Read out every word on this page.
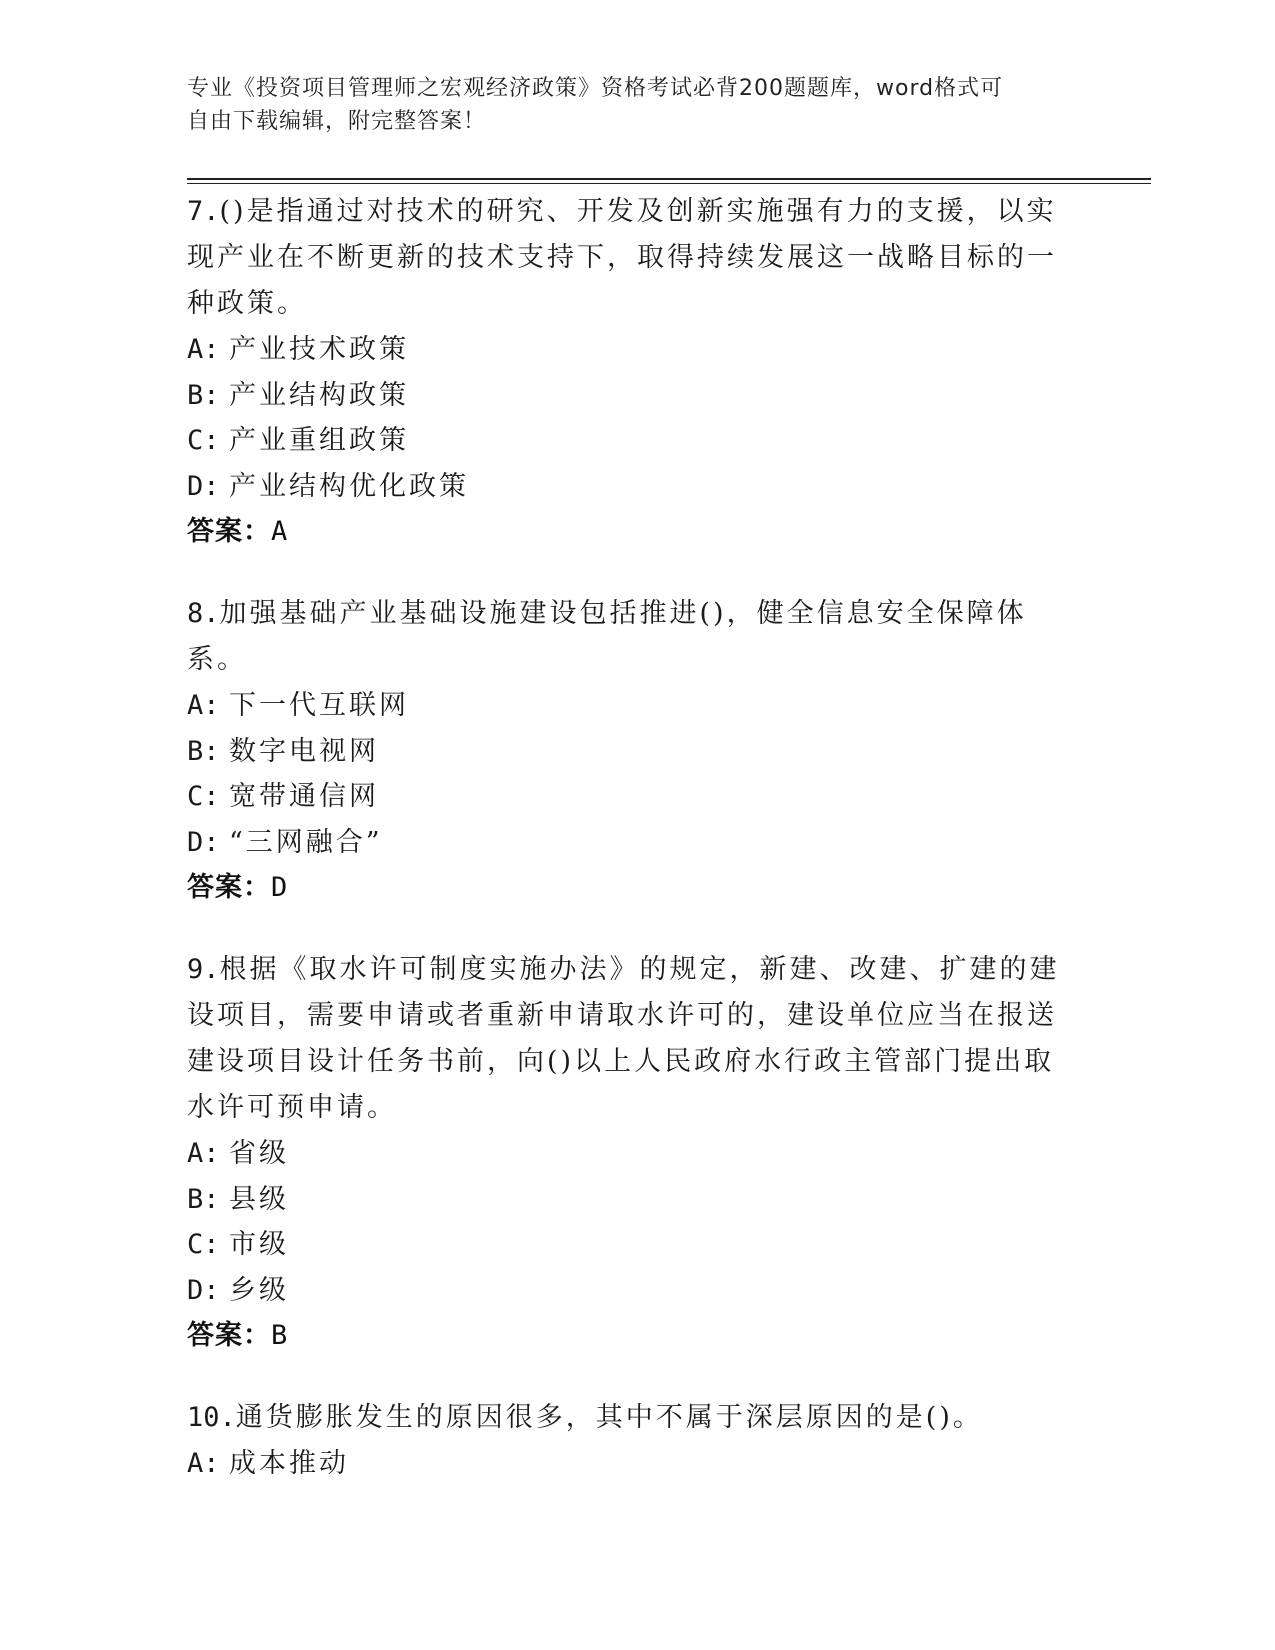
专业《投资项目管理师之宏观经济政策》资格考试必背200题题库，word格式可
自由下载编辑，附完整答案！

7.()是指通过对技术的研究、开发及创新实施强有力的支援，以实现产业在不断更新的技术支持下，取得持续发展这一战略目标的一种政策。

A: 产业技术政策
B: 产业结构政策
C: 产业重组政策
D: 产业结构优化政策
答案：A

8.加强基础产业基础设施建设包括推进()，健全信息安全保障体系。

A: 下一代互联网
B: 数字电视网
C: 宽带通信网
D: “三网融合”
答案：D

9.根据《取水许可制度实施办法》的规定，新建、改建、扩建的建设项目，需要申请或者重新申请取水许可的，建设单位应当在报送建设项目设计任务书前，向()以上人民政府水行政主管部门提出取水许可预申请。

A: 省级
B: 县级
C: 市级
D: 乡级
答案：B

10.通货膨胀发生的原因很多，其中不属于深层原因的是()。

A: 成本推动
